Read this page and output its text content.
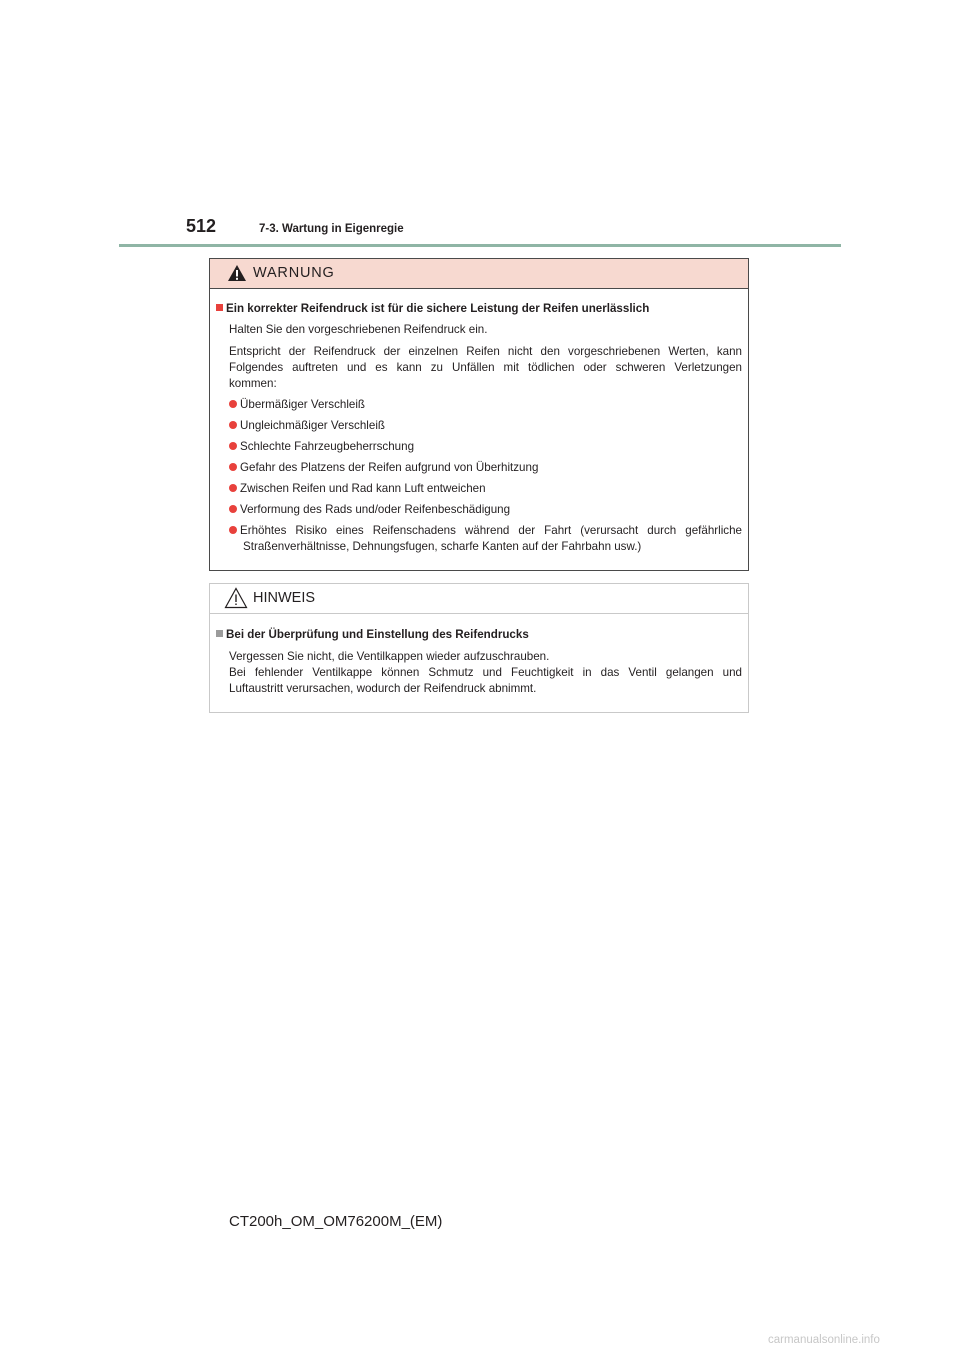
512	7-3. Wartung in Eigenregie
WARNUNG
Ein korrekter Reifendruck ist für die sichere Leistung der Reifen unerlässlich
Halten Sie den vorgeschriebenen Reifendruck ein.
Entspricht der Reifendruck der einzelnen Reifen nicht den vorgeschriebenen Werten, kann
Folgendes auftreten und es kann zu Unfällen mit tödlichen oder schweren Verletzungen
kommen:
Übermäßiger Verschleiß
Ungleichmäßiger Verschleiß
Schlechte Fahrzeugbeherrschung
Gefahr des Platzens der Reifen aufgrund von Überhitzung
Zwischen Reifen und Rad kann Luft entweichen
Verformung des Rads und/oder Reifenbeschädigung
Erhöhtes Risiko eines Reifenschadens während der Fahrt (verursacht durch gefährliche
Straßenverhältnisse, Dehnungsfugen, scharfe Kanten auf der Fahrbahn usw.)
HINWEIS
Bei der Überprüfung und Einstellung des Reifendrucks
Vergessen Sie nicht, die Ventilkappen wieder aufzuschrauben.
Bei fehlender Ventilkappe können Schmutz und Feuchtigkeit in das Ventil gelangen und
Luftaustritt verursachen, wodurch der Reifendruck abnimmt.
CT200h_OM_OM76200M_(EM)
carmanualsonline.info
